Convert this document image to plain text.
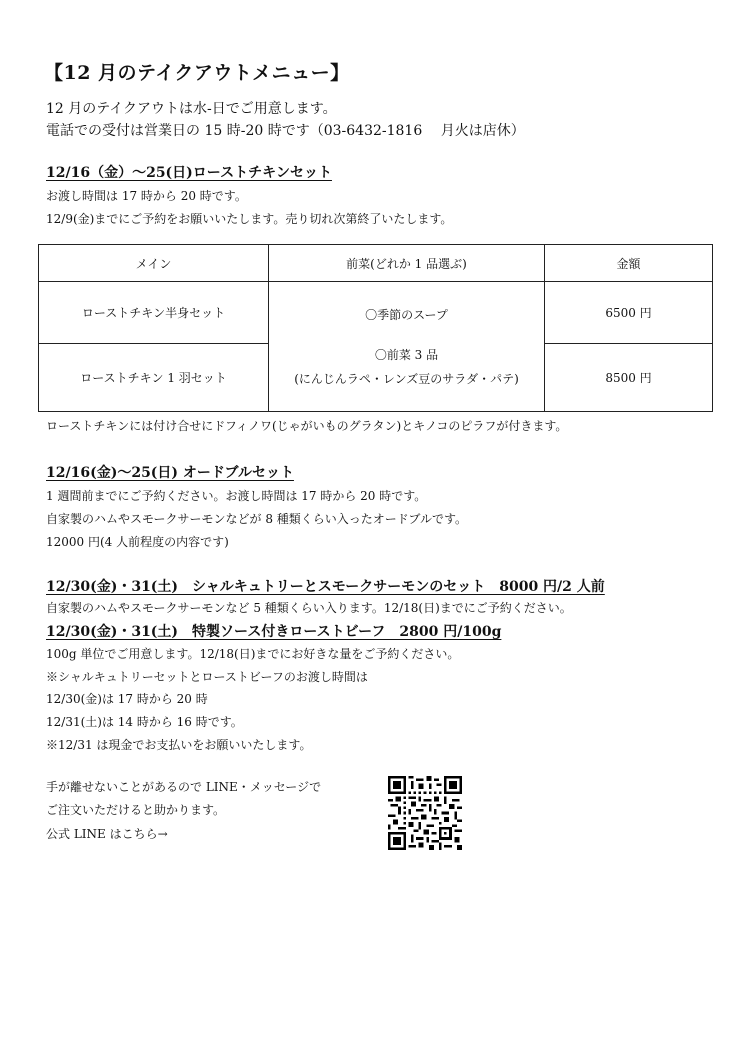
【12 月のテイクアウトメニュー】
12 月のテイクアウトは水-日でご用意します。
電話での受付は営業日の 15 時-20 時です（03-6432-1816　 月火は店休）
12/16（金）～25(日)ローストチキンセット
お渡し時間は 17 時から 20 時です。
12/9(金)までにご予約をお願いいたします。売り切れ次第終了いたします。
メイン	前菜(どれか 1 品選ぶ)	金額
ローストチキン半身セット	〇季節のスープ
〇前菜 3 品
(にんじんラペ・レンズ豆のサラダ・パテ)	6500 円
ローストチキン 1 羽セット		8500 円
ローストチキンには付け合せにドフィノワ(じゃがいものグラタン)とキノコのピラフが付きます。
12/16(金)～25(日) オードブルセット
1 週間前までにご予約ください。お渡し時間は 17 時から 20 時です。
自家製のハムやスモークサーモンなどが 8 種類くらい入ったオードブルです。
12000 円(4 人前程度の内容です)
12/30(金)・31(土)　シャルキュトリーとスモークサーモンのセット　8000 円/2 人前
自家製のハムやスモークサーモンなど 5 種類くらい入ります。12/18(日)までにご予約ください。
12/30(金)・31(土)　特製ソース付きローストビーフ　2800 円/100g
100g 単位でご用意します。12/18(日)までにお好きな量をご予約ください。
※シャルキュトリーセットとローストビーフのお渡し時間は
12/30(金)は 17 時から 20 時
12/31(土)は 14 時から 16 時です。
※12/31 は現金でお支払いをお願いいたします。
手が離せないことがあるので LINE・メッセージで
ご注文いただけると助かります。
公式 LINE はこちら→
